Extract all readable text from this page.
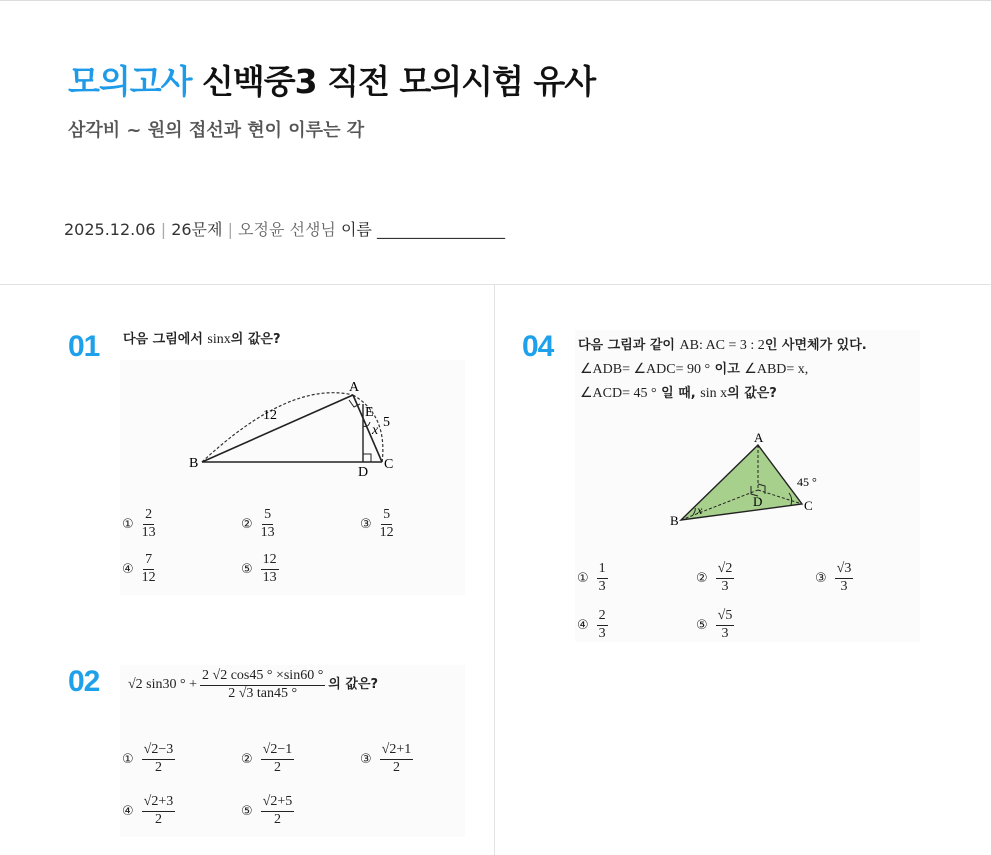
모의고사 신백중3 직전 모의시험 유사
삼각비 ~ 원의 접선과 현이 이루는 각
2025.12.06 | 26문제 | 오정윤 선생님 이름 ________________
01 다음 그림에서 sinx의 값은?
A
B	C
D
E
12	5
x
① $\frac{2}{13}$	② $\frac{5}{13}$	③ $\frac{5}{12}$
④ $\frac{7}{12}$	⑤ $\frac{12}{13}$
02 √2 sin30 ° + $\frac{2 √2 \cos 45 ^\circ \times\sin 60 ^\circ}{2 √3 \tan 45 ^\circ}$ 의 값은?
① $\frac{√2-3}{2}$	② $\frac{√2-1}{2}$	③ $\frac{√2+1}{2}$
④ $\frac{√2+3}{2}$	⑤ $\frac{√2+5}{2}$
04 다음 그림과 같이 AB: AC = 3 : 2인 사면체가 있다.
∠ADB= ∠ADC= 90 ° 이고 ∠ABD= x,
∠ACD= 45 ° 일 때, sin x의 값은?
A
B
C
D
45 °
x
① $\frac{1}{3}$	② $\frac{√2}{3}$	③ $\frac{√3}{3}$
④ $\frac{2}{3}$	⑤ $\frac{√5}{3}$
